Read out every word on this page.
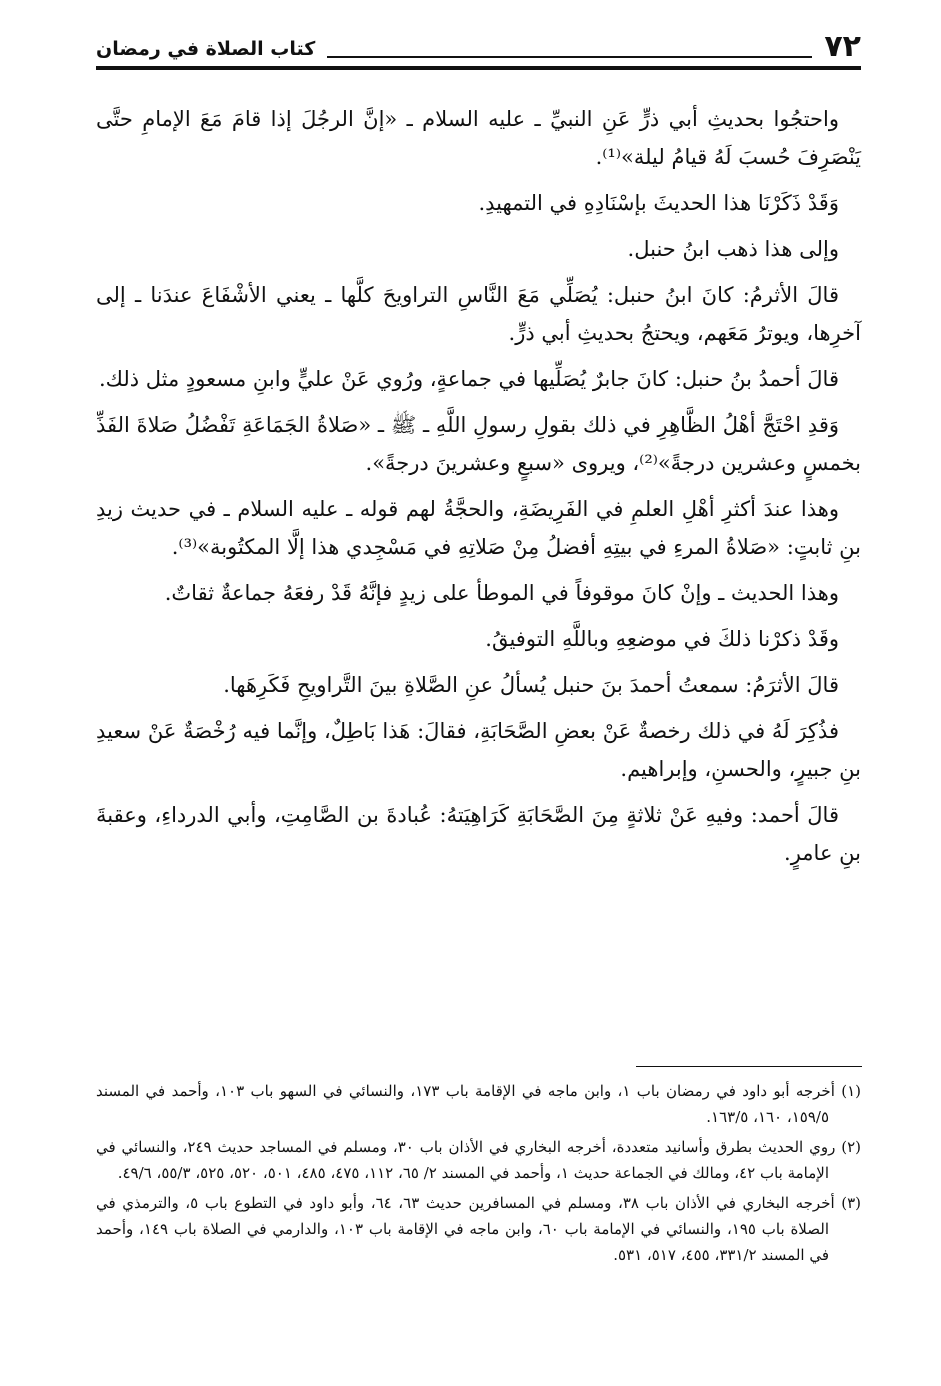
٧٢
كتاب الصلاة في رمضان

واحتجُوا بحديثِ أبي ذرٍّ عَنِ النبيِّ ـ عليه السلام ـ «إنَّ الرجُلَ إذا قامَ مَعَ الإمامِ حتَّى يَنْصَرِفَ حُسبَ لَهُ قيامُ ليلة»⁽¹⁾.

وَقَدْ ذَكَرْنَا هذا الحديثَ بإسْنَادِهِ في التمهيدِ.

وإلى هذا ذهب ابنُ حنبل.

قالَ الأثرمُ: كانَ ابنُ حنبل: يُصَلِّي مَعَ النَّاسِ التراويحَ كلَّها ـ يعني الأشْفَاعَ عندَنا ـ إلى آخرِها، ويوترُ مَعَهم، ويحتجُ بحديثِ أبي ذرٍّ.

قالَ أحمدُ بنُ حنبل: كانَ جابرٌ يُصَلِّيها في جماعةٍ، ورُوي عَنْ عليٍّ وابنِ مسعودٍ مثل ذلك.

وَقدِ احْتَجَّ أهْلُ الظَّاهِرِ في ذلك بقولِ رسولِ اللَّهِ ـ ﷺ ـ «صَلاةُ الجَمَاعَةِ تَفْضُلُ صَلاةَ الفَذِّ بخمسٍ وعشرين درجةً»⁽²⁾، ويروى «سبعٍ وعشرينَ درجةً».

وهذا عندَ أكثرِ أهْلِ العلمِ في الفَرِيضَةِ، والحجَّةُ لهم قوله ـ عليه السلام ـ في حديث زيدِ بنِ ثابتٍ: «صَلاةُ المرءِ في بيتِهِ أفضلُ مِنْ صَلاتِهِ في مَسْجِدي هذا إلَّا المكتُوبة»⁽³⁾.

وهذا الحديث ـ وإنْ كانَ موقوفاً في الموطأ على زيدٍ فإنَّهُ قَدْ رفعَهُ جماعةٌ ثقاتٌ.

وقَدْ ذكرْنا ذلكَ في موضعِهِ وباللَّهِ التوفيقُ.

قالَ الأثرَمُ: سمعتُ أحمدَ بنَ حنبل يُسألُ عنِ الصَّلاةِ بينَ التَّراويحِ فَكَرِهَها.

فذُكِرَ لَهُ في ذلك رخصةٌ عَنْ بعضِ الصَّحَابَةِ، فقالَ: هَذا بَاطِلٌ، وإنَّما فيه رُخْصَةٌ عَنْ سعيدِ بنِ جبيرٍ، والحسنِ، وإبراهيم.

قالَ أحمد: وفيهِ عَنْ ثلاثةٍ مِنَ الصَّحَابَةِ كَرَاهِيَتهُ: عُبادةَ بن الصَّامِتِ، وأبي الدرداءِ، وعقبةَ بنِ عامرٍ.

(١) أخرجه أبو داود في رمضان باب ١، وابن ماجه في الإقامة باب ١٧٣، والنسائي في السهو باب ١٠٣، وأحمد في المسند ١٥٩/٥، ١٦٠، ١٦٣/٥.

(٢) روي الحديث بطرق وأسانيد متعددة، أخرجه البخاري في الأذان باب ٣٠، ومسلم في المساجد حديث ٢٤٩، والنسائي في الإمامة باب ٤٢، ومالك في الجماعة حديث ١، وأحمد في المسند ٢/ ٦٥، ١١٢، ٤٧٥، ٤٨٥، ٥٠١، ٥٢٠، ٥٢٥، ٥٥/٣، ٤٩/٦.

(٣) أخرجه البخاري في الأذان باب ٣٨، ومسلم في المسافرين حديث ٦٣، ٦٤، وأبو داود في التطوع باب ٥، والترمذي في الصلاة باب ١٩٥، والنسائي في الإمامة باب ٦٠، وابن ماجه في الإقامة باب ١٠٣، والدارمي في الصلاة باب ١٤٩، وأحمد في المسند ٣٣١/٢، ٤٥٥، ٥١٧، ٥٣١.
